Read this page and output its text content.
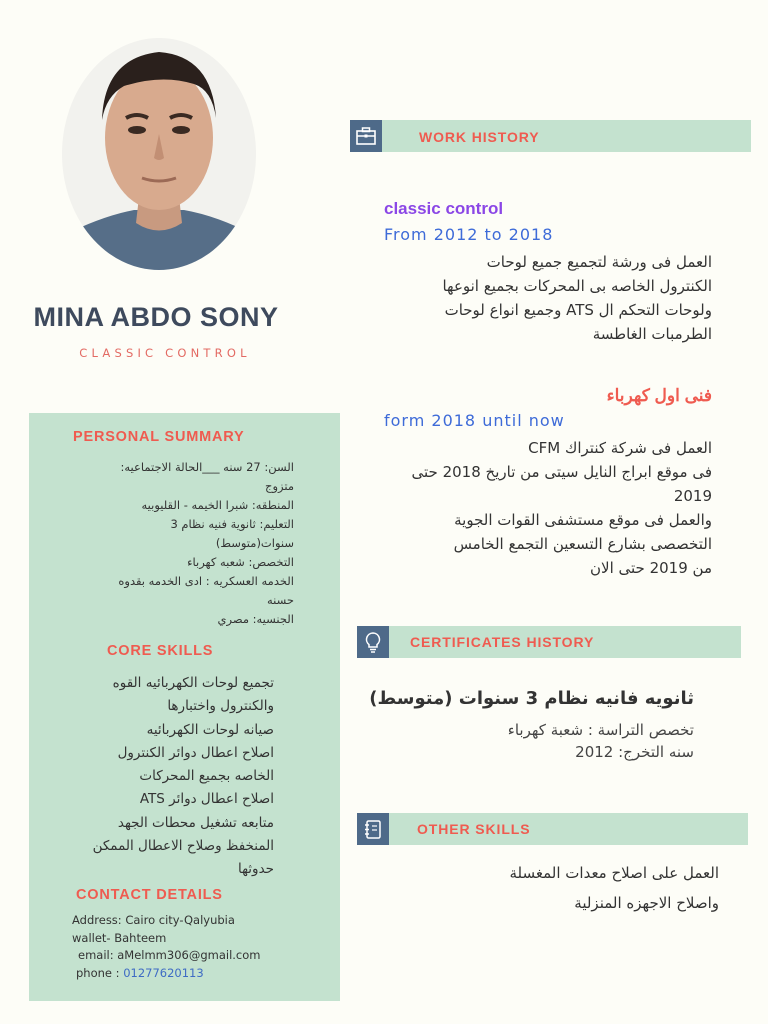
MINA ABDO SONY
CLASSIC CONTROL
PERSONAL SUMMARY
السن: 27 سنه ___الحالة الاجتماعيه:
متزوج
المنطقه: شبرا الخيمه - القليوبيه
التعليم: ثانوية فنيه نظام 3
سنوات(متوسط)
التخصص: شعبه كهرباء
الخدمه العسكريه : ادى الخدمه بقدوه
حسنه
الجنسيه: مصري
CORE SKILLS
تجميع لوحات الكهربائيه القوه
والكنترول واختبارها
صيانه لوحات الكهربائيه
اصلاح اعطال دوائر الكنترول
الخاصه بجميع المحركات
اصلاح اعطال دوائر ATS
متابعه تشغيل محطات الجهد
المنخفظ وصلاح الاعطال الممكن
حدوثها
CONTACT DETAILS
Address: Cairo city-Qalyubia
wallet- Bahteem
email: aMelmm306@gmail.com
phone : 01277620113
WORK HISTORY
classic control
From 2012 to 2018
العمل فى ورشة لتجميع جميع لوحات
الكنترول الخاصه بى المحركات بجميع انوعها
ولوحات التحكم ال ATS وجميع انواع لوحات
الطرمبات الغاطسة
فنى اول كهرباء
form 2018 until now
العمل فى شركة كنتراك CFM
فى موقع ابراج النايل سيتى من تاريخ 2018 حتى
2019
والعمل فى موقع مستشفى القوات الجوية
التخصصى بشارع التسعين التجمع الخامس
من 2019 حتى الان
CERTIFICATES HISTORY
ثانويه فانيه نظام 3 سنوات (متوسط)
تخصص التراسة : شعبة كهرباء
سنه التخرج: 2012
OTHER SKILLS
العمل على اصلاح معدات المغسلة
واصلاح الاجهزه المنزلية
